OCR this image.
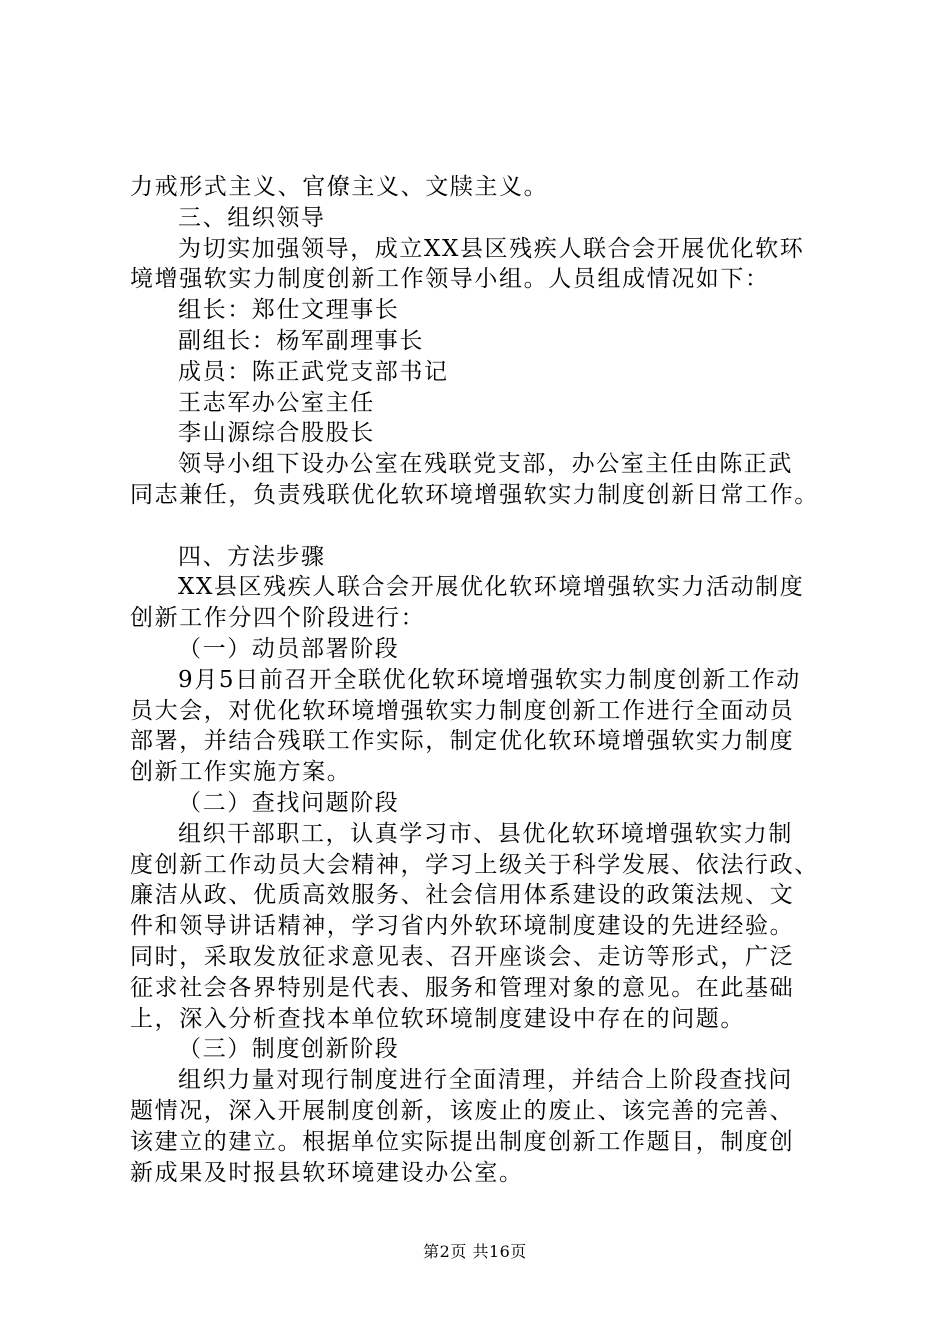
力戒形式主义、官僚主义、文牍主义。

三、组织领导

为切实加强领导，成立XX县区残疾人联合会开展优化软环

境增强软实力制度创新工作领导小组。人员组成情况如下：

组长：郑仕文理事长

副组长：杨军副理事长

成员：陈正武党支部书记

王志军办公室主任

李山源综合股股长

领导小组下设办公室在残联党支部，办公室主任由陈正武

同志兼任，负责残联优化软环境增强软实力制度创新日常工作。

四、方法步骤

XX县区残疾人联合会开展优化软环境增强软实力活动制度

创新工作分四个阶段进行：

（一）动员部署阶段

9月5日前召开全联优化软环境增强软实力制度创新工作动

员大会，对优化软环境增强软实力制度创新工作进行全面动员

部署，并结合残联工作实际，制定优化软环境增强软实力制度

创新工作实施方案。

（二）查找问题阶段

组织干部职工，认真学习市、县优化软环境增强软实力制

度创新工作动员大会精神，学习上级关于科学发展、依法行政、

廉洁从政、优质高效服务、社会信用体系建设的政策法规、文

件和领导讲话精神，学习省内外软环境制度建设的先进经验。

同时，采取发放征求意见表、召开座谈会、走访等形式，广泛

征求社会各界特别是代表、服务和管理对象的意见。在此基础

上，深入分析查找本单位软环境制度建设中存在的问题。

（三）制度创新阶段

组织力量对现行制度进行全面清理，并结合上阶段查找问

题情况，深入开展制度创新，该废止的废止、该完善的完善、

该建立的建立。根据单位实际提出制度创新工作题目，制度创

新成果及时报县软环境建设办公室。

第2页 共16页
